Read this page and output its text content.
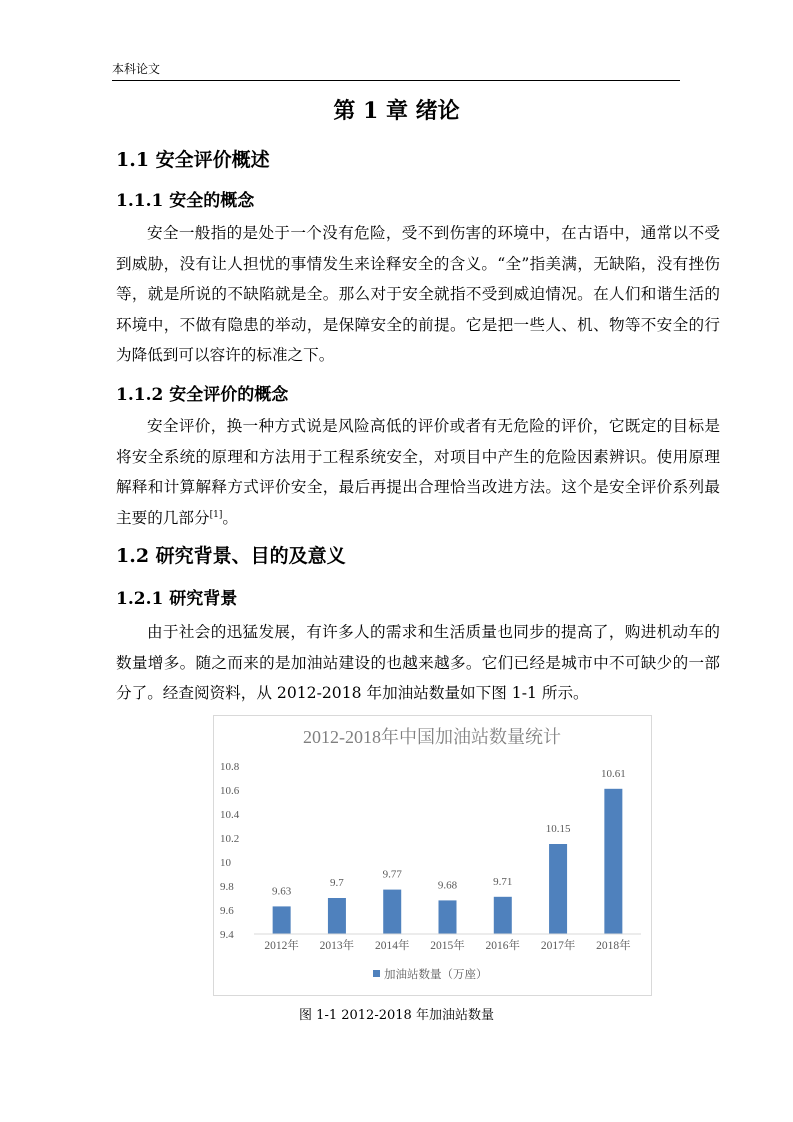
本科论文
第 1 章 绪论
1.1 安全评价概述
1.1.1 安全的概念

安全一般指的是处于一个没有危险，受不到伤害的环境中，在古语中，通常以不受到威胁，没有让人担忧的事情发生来诠释安全的含义。“全”指美满，无缺陷，没有挫伤等，就是所说的不缺陷就是全。那么对于安全就指不受到威迫情况。在人们和谐生活的环境中，不做有隐患的举动，是保障安全的前提。它是把一些人、机、物等不安全的行为降低到可以容许的标准之下。

1.1.2 安全评价的概念

安全评价，换一种方式说是风险高低的评价或者有无危险的评价，它既定的目标是将安全系统的原理和方法用于工程系统安全，对项目中产生的危险因素辨识。使用原理解释和计算解释方式评价安全，最后再提出合理恰当改进方法。这个是安全评价系列最主要的几部分[1]。

1.2 研究背景、目的及意义
1.2.1 研究背景

由于社会的迅猛发展，有许多人的需求和生活质量也同步的提高了，购进机动车的数量增多。随之而来的是加油站建设的也越来越多。它们已经是城市中不可缺少的一部分了。经查阅资料，从 2012-2018 年加油站数量如下图 1-1 所示。

2012-2018年中国加油站数量统计
9.4
9.6
9.8
10
10.2
10.4
10.6
10.8
9.63
2012年
9.7
2013年
9.77
2014年
9.68
2015年
9.71
2016年
10.15
2017年
10.61
2018年
加油站数量（万座）
图 1-1 2012-2018 年加油站数量
